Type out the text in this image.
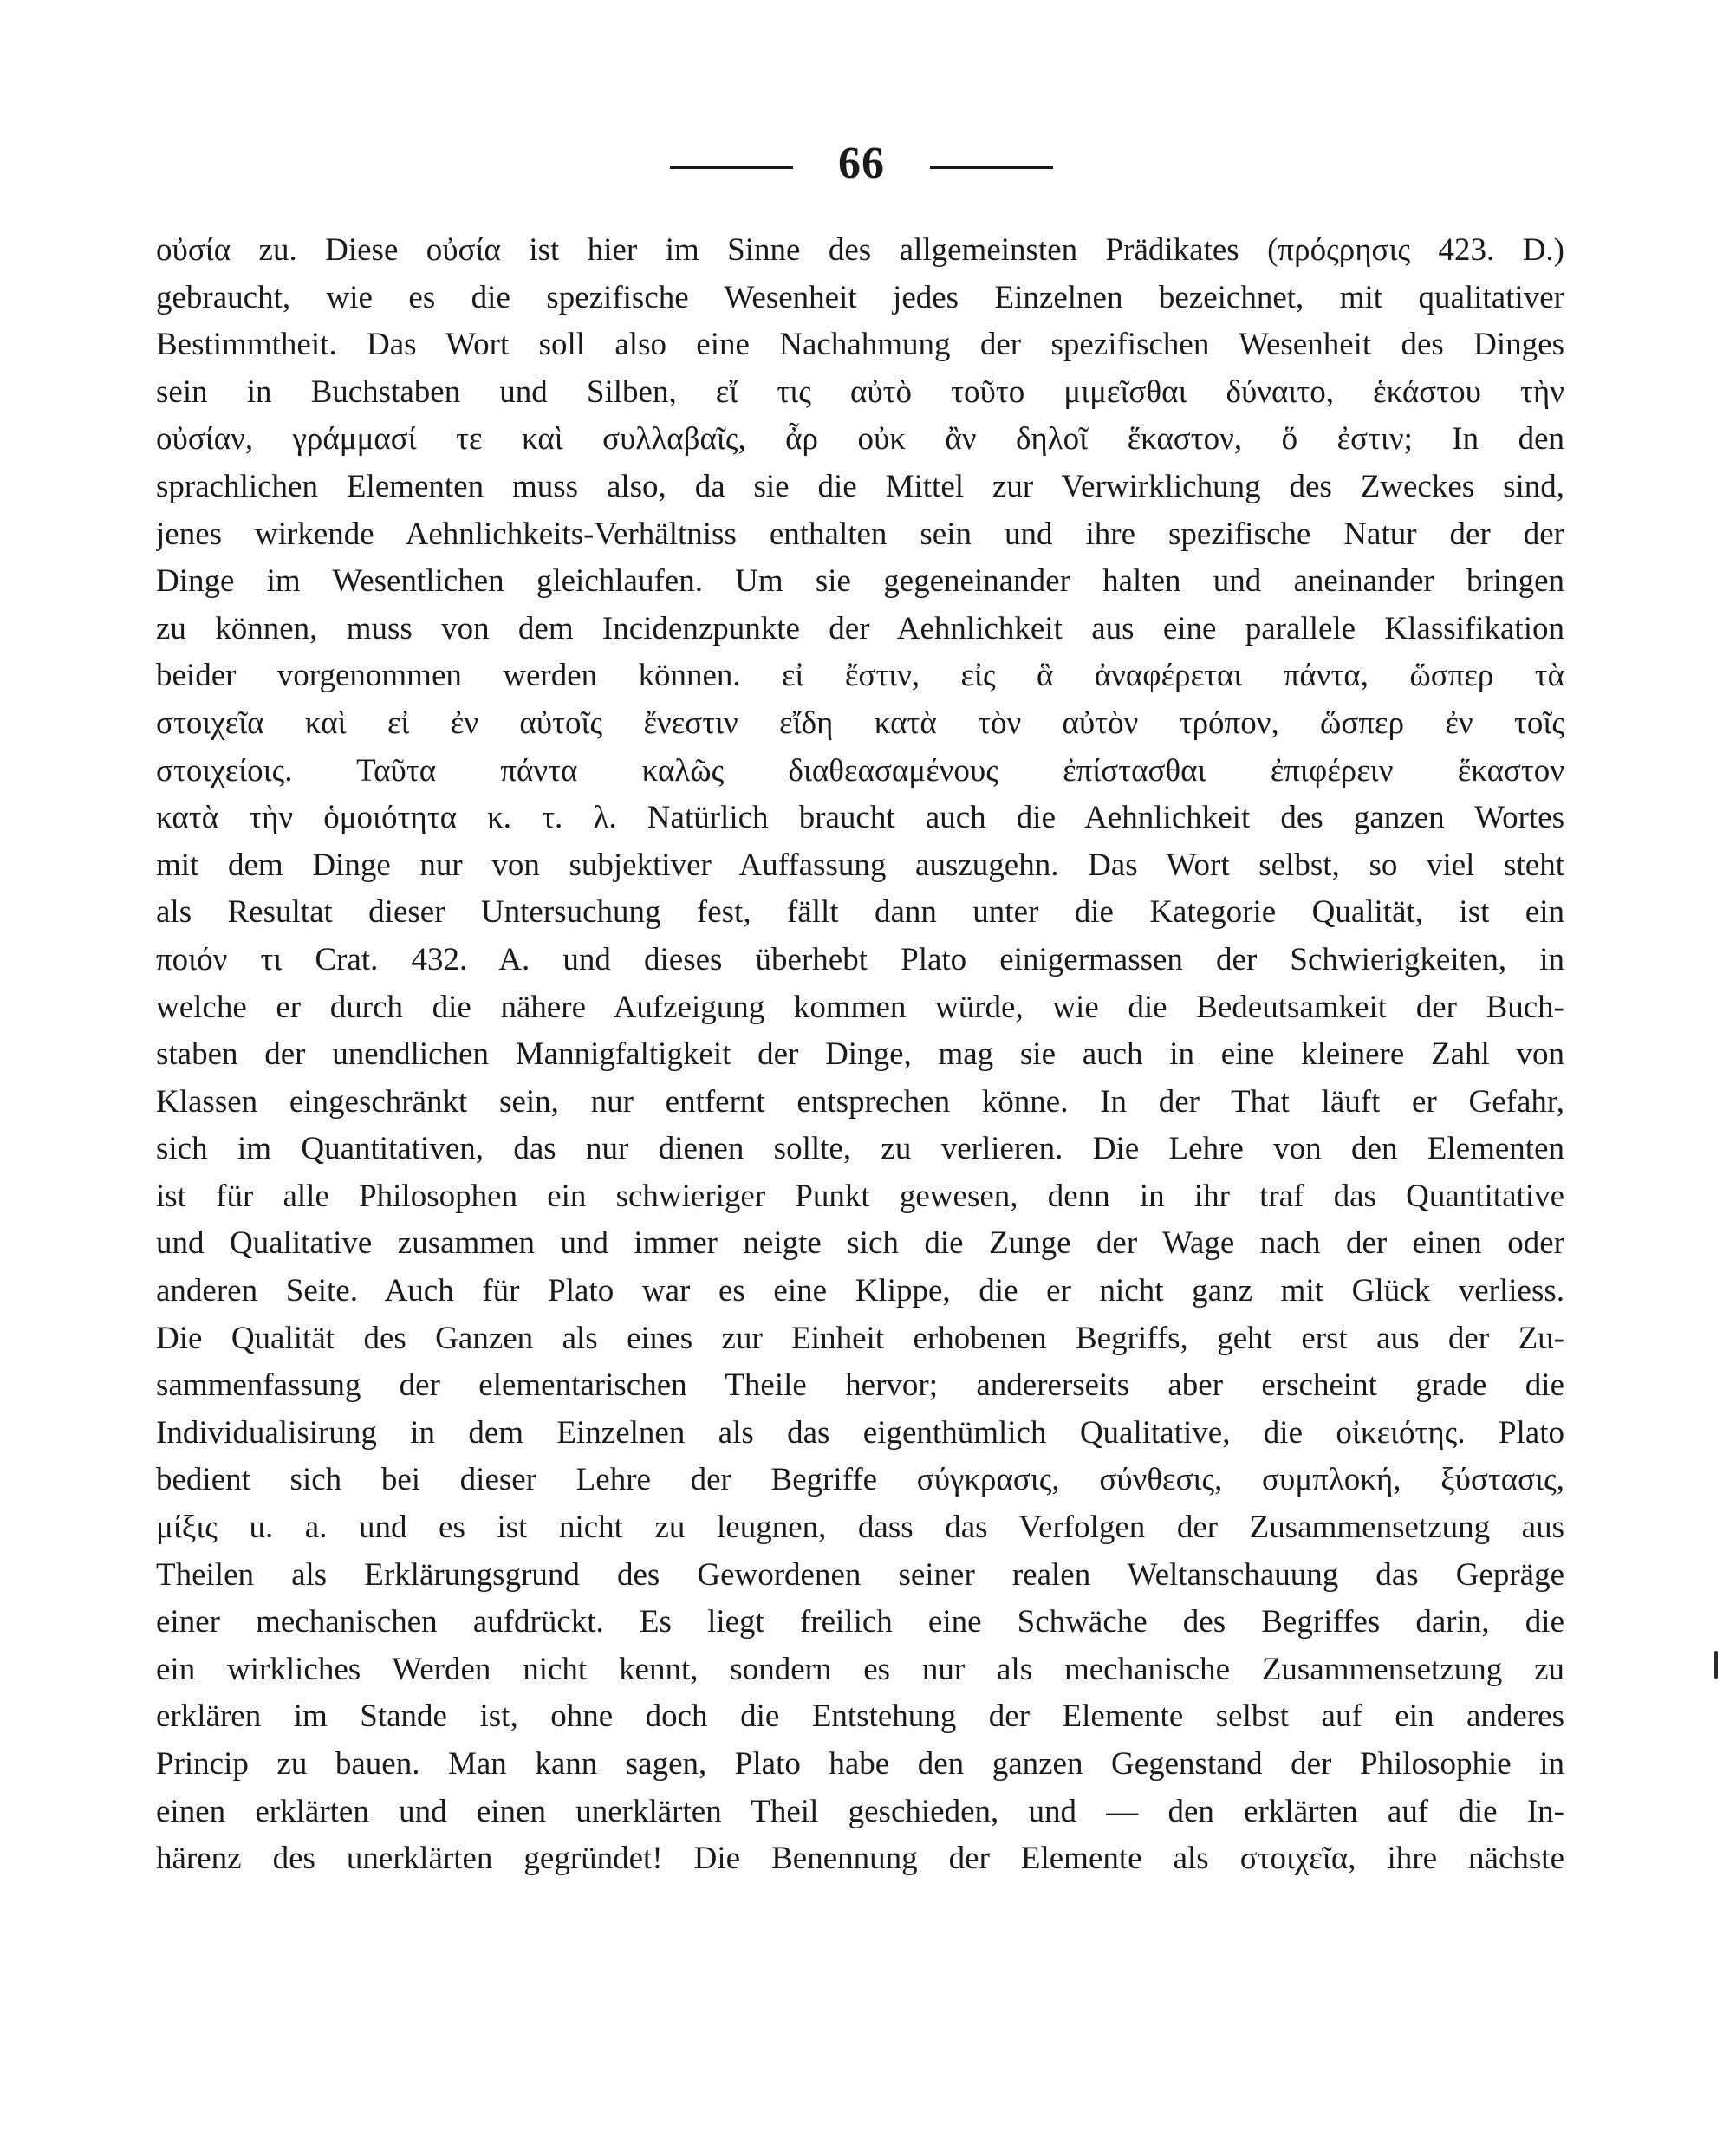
66
οὐσία zu. Diese οὐσία ist hier im Sinne des allgemeinsten Prädikates (πρόςρησις 423. D.)
gebraucht, wie es die spezifische Wesenheit jedes Einzelnen bezeichnet, mit qualitativer
Bestimmtheit. Das Wort soll also eine Nachahmung der spezifischen Wesenheit des Dinges
sein in Buchstaben und Silben, εἴ τις αὐτὸ τοῦτο μιμεῖσθαι δύναιτο, ἑκάστου τὴν
οὐσίαν, γράμμασί τε καὶ συλλαβαῖς, ἆρ οὐκ ἂν δηλοῖ ἕκαστον, ὅ ἐστιν; In den
sprachlichen Elementen muss also, da sie die Mittel zur Verwirklichung des Zweckes sind,
jenes wirkende Aehnlichkeits-Verhältniss enthalten sein und ihre spezifische Natur der der
Dinge im Wesentlichen gleichlaufen. Um sie gegeneinander halten und aneinander bringen
zu können, muss von dem Incidenzpunkte der Aehnlichkeit aus eine parallele Klassifikation
beider vorgenommen werden können. εἰ ἔστιν, εἰς ἃ ἀναφέρεται πάντα, ὥσπερ τὰ
στοιχεῖα καὶ εἰ ἐν αὐτοῖς ἔνεστιν εἴδη κατὰ τὸν αὐτὸν τρόπον, ὥσπερ ἐν τοῖς
στοιχείοις. Ταῦτα πάντα καλῶς διαθεασαμένους ἐπίστασθαι ἐπιφέρειν ἕκαστον
κατὰ τὴν ὁμοιότητα κ. τ. λ. Natürlich braucht auch die Aehnlichkeit des ganzen Wortes
mit dem Dinge nur von subjektiver Auffassung auszugehn. Das Wort selbst, so viel steht
als Resultat dieser Untersuchung fest, fällt dann unter die Kategorie Qualität, ist ein
ποιόν τι Crat. 432. A. und dieses überhebt Plato einigermassen der Schwierigkeiten, in
welche er durch die nähere Aufzeigung kommen würde, wie die Bedeutsamkeit der Buch-
staben der unendlichen Mannigfaltigkeit der Dinge, mag sie auch in eine kleinere Zahl von
Klassen eingeschränkt sein, nur entfernt entsprechen könne. In der That läuft er Gefahr,
sich im Quantitativen, das nur dienen sollte, zu verlieren. Die Lehre von den Elementen
ist für alle Philosophen ein schwieriger Punkt gewesen, denn in ihr traf das Quantitative
und Qualitative zusammen und immer neigte sich die Zunge der Wage nach der einen oder
anderen Seite. Auch für Plato war es eine Klippe, die er nicht ganz mit Glück verliess.
Die Qualität des Ganzen als eines zur Einheit erhobenen Begriffs, geht erst aus der Zu-
sammenfassung der elementarischen Theile hervor; andererseits aber erscheint grade die
Individualisirung in dem Einzelnen als das eigenthümlich Qualitative, die οἰκειότης. Plato
bedient sich bei dieser Lehre der Begriffe σύγκρασις, σύνθεσις, συμπλοκή, ξύστασις,
μίξις u. a. und es ist nicht zu leugnen, dass das Verfolgen der Zusammensetzung aus
Theilen als Erklärungsgrund des Gewordenen seiner realen Weltanschauung das Gepräge
einer mechanischen aufdrückt. Es liegt freilich eine Schwäche des Begriffes darin, die
ein wirkliches Werden nicht kennt, sondern es nur als mechanische Zusammensetzung zu
erklären im Stande ist, ohne doch die Entstehung der Elemente selbst auf ein anderes
Princip zu bauen. Man kann sagen, Plato habe den ganzen Gegenstand der Philosophie in
einen erklärten und einen unerklärten Theil geschieden, und — den erklärten auf die In-
härenz des unerklärten gegründet! Die Benennung der Elemente als στοιχεῖα, ihre nächste
